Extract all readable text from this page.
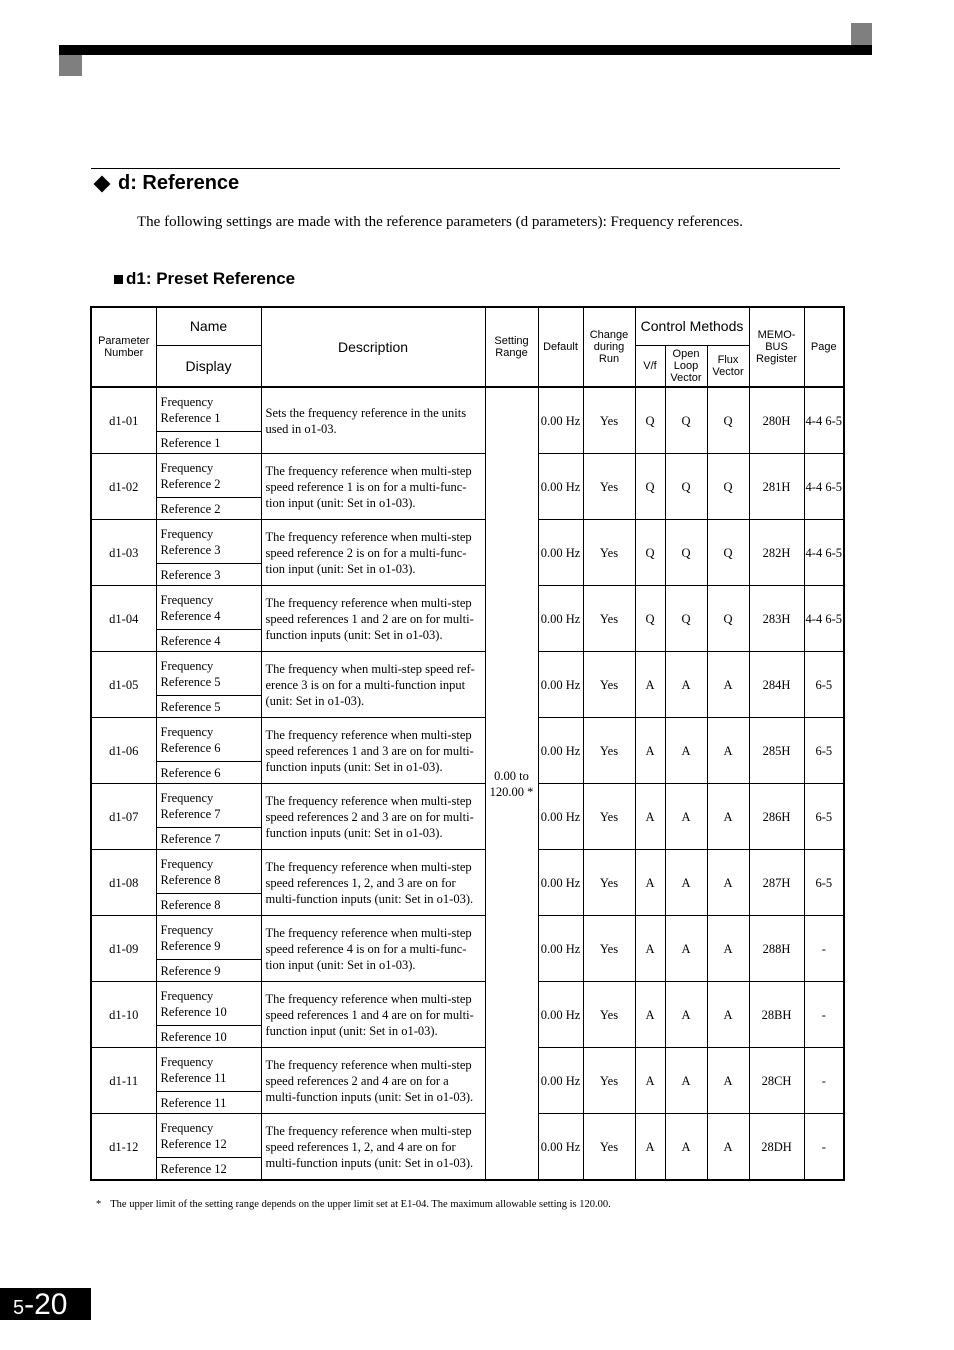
d: Reference
The following settings are made with the reference parameters (d parameters): Frequency references.
d1: Preset Reference
Parameter Number	Name	Description	Setting Range	Default	Change during Run	Control Methods			MEMO-BUS Register	Page
	Display					V/f	Open Loop Vector	Flux Vector		
d1-01	Frequency Reference 1	Sets the frequency reference in the units used in o1-03.	0.00 to 120.00 *	0.00 Hz	Yes	Q	Q	Q	280H	4-4 6-5
	Reference 1									
d1-02	Frequency Reference 2	The frequency reference when multi-step speed reference 1 is on for a multi-func-tion input (unit: Set in o1-03).		0.00 Hz	Yes	Q	Q	Q	281H	4-4 6-5
	Reference 2									
d1-03	Frequency Reference 3	The frequency reference when multi-step speed reference 2 is on for a multi-func-tion input (unit: Set in o1-03).		0.00 Hz	Yes	Q	Q	Q	282H	4-4 6-5
	Reference 3									
d1-04	Frequency Reference 4	The frequency reference when multi-step speed references 1 and 2 are on for multi-function inputs (unit: Set in o1-03).		0.00 Hz	Yes	Q	Q	Q	283H	4-4 6-5
	Reference 4									
d1-05	Frequency Reference 5	The frequency when multi-step speed ref-erence 3 is on for a multi-function input (unit: Set in o1-03).		0.00 Hz	Yes	A	A	A	284H	6-5
	Reference 5									
d1-06	Frequency Reference 6	The frequency reference when multi-step speed references 1 and 3 are on for multi-function inputs (unit: Set in o1-03).		0.00 Hz	Yes	A	A	A	285H	6-5
	Reference 6									
d1-07	Frequency Reference 7	The frequency reference when multi-step speed references 2 and 3 are on for multi-function inputs (unit: Set in o1-03).		0.00 Hz	Yes	A	A	A	286H	6-5
	Reference 7									
d1-08	Frequency Reference 8	The frequency reference when multi-step speed references 1, 2, and 3 are on for multi-function inputs (unit: Set in o1-03).		0.00 Hz	Yes	A	A	A	287H	6-5
	Reference 8									
d1-09	Frequency Reference 9	The frequency reference when multi-step speed reference 4 is on for a multi-func-tion input (unit: Set in o1-03).		0.00 Hz	Yes	A	A	A	288H	-
	Reference 9									
d1-10	Frequency Reference 10	The frequency reference when multi-step speed references 1 and 4 are on for multi-function input (unit: Set in o1-03).		0.00 Hz	Yes	A	A	A	28BH	-
	Reference 10									
d1-11	Frequency Reference 11	The frequency reference when multi-step speed references 2 and 4 are on for a multi-function inputs (unit: Set in o1-03).		0.00 Hz	Yes	A	A	A	28CH	-
	Reference 11									
d1-12	Frequency Reference 12	The frequency reference when multi-step speed references 1, 2, and 4 are on for multi-function inputs (unit: Set in o1-03).		0.00 Hz	Yes	A	A	A	28DH	-
	Reference 12									
* The upper limit of the setting range depends on the upper limit set at E1-04. The maximum allowable setting is 120.00.
5-20
